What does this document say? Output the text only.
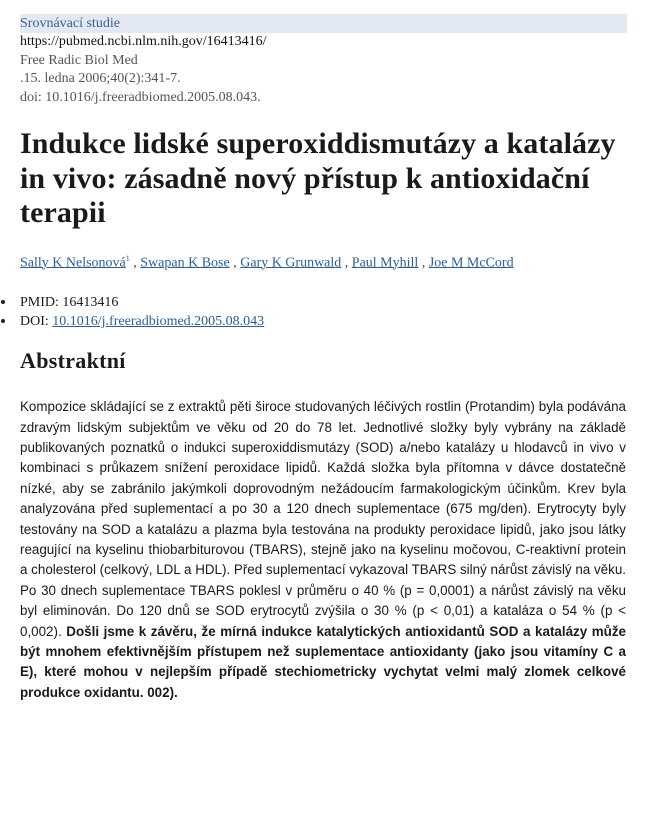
Srovnávací studie
https://pubmed.ncbi.nlm.nih.gov/16413416/
Free Radic Biol Med
.15. ledna 2006;40(2):341-7.
doi: 10.1016/j.freeradbiomed.2005.08.043.
Indukce lidské superoxiddismutázy a katalázy in vivo: zásadně nový přístup k antioxidační terapii
Sally K Nelsonová$^1$ , Swapan K Bose , Gary K Grunwald , Paul Myhill , Joe M McCord
PMID: 16413416
DOI: 10.1016/j.freeradbiomed.2005.08.043
Abstraktní
Kompozice skládající se z extraktů pěti široce studovaných léčivých rostlin (Protandim) byla podávána zdravým lidským subjektům ve věku od 20 do 78 let. Jednotlivé složky byly vybrány na základě publikovaných poznatků o indukci superoxiddismutázy (SOD) a/nebo katalázy u hlodavců in vivo v kombinaci s průkazem snížení peroxidace lipidů. Každá složka byla přítomna v dávce dostatečně nízké, aby se zabránilo jakýmkoli doprovodným nežádoucím farmakologickým účinkům. Krev byla analyzována před suplementací a po 30 a 120 dnech suplementace (675 mg/den). Erytrocyty byly testovány na SOD a katalázu a plazma byla testována na produkty peroxidace lipidů, jako jsou látky reagující na kyselinu thiobarbiturovou (TBARS), stejně jako na kyselinu močovou, C-reaktivní protein a cholesterol (celkový, LDL a HDL). Před suplementací vykazoval TBARS silný nárůst závislý na věku. Po 30 dnech suplementace TBARS poklesl v průměru o 40 % (p = 0,0001) a nárůst závislý na věku byl eliminován. Do 120 dnů se SOD erytrocytů zvýšila o 30 % (p < 0,01) a kataláza o 54 % (p < 0,002). Došli jsme k závěru, že mírná indukce katalytických antioxidantů SOD a katalázy může být mnohem efektivnějším přístupem než suplementace antioxidanty (jako jsou vitamíny C a E), které mohou v nejlepším případě stechiometricky vychytat velmi malý zlomek celkové produkce oxidantu. 002).
